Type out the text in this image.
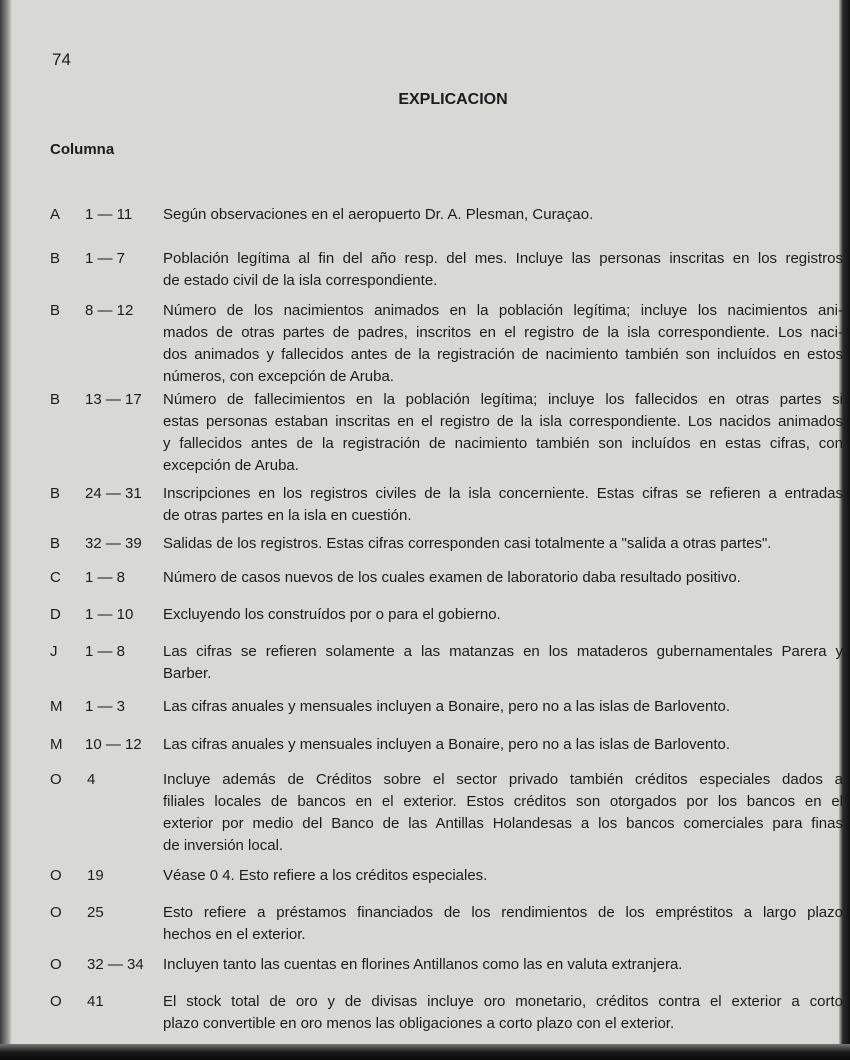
74
EXPLICACION
Columna
A 1 — 11 Según observaciones en el aeropuerto Dr. A. Plesman, Curaçao.
B 1 — 7	Población legítima al fin del año resp. del mes. Incluye las personas inscritas en los registros
de estado civil de la isla correspondiente.
B 8 — 12 Número de los nacimientos animados en la población legítima; incluye los nacimientos ani-
mados de otras partes de padres, inscritos en el registro de la isla correspondiente. Los naci-
dos animados y fallecidos antes de la registración de nacimiento también son incluídos en estos
números, con excepción de Aruba.
B 13 — 17 Número de fallecimientos en la población legítima; incluye los fallecidos en otras partes si
estas personas estaban inscritas en el registro de la isla correspondiente. Los nacidos animados
y fallecidos antes de la registración de nacimiento también son incluídos en estas cifras, con
excepción de Aruba.
B 24 — 31 Inscripciones en los registros civiles de la isla concerniente. Estas cifras se refieren a entradas
de otras partes en la isla en cuestión.
B 32 — 39 Salidas de los registros. Estas cifras corresponden casi totalmente a "salida a otras partes".
C 1 — 8	Número de casos nuevos de los cuales examen de laboratorio daba resultado positivo.
D 1 — 10 Excluyendo los construídos por o para el gobierno.
J 1 — 8	Las cifras se refieren solamente a las matanzas en los mataderos gubernamentales Parera y
Barber.
M 1 — 3	Las cifras anuales y mensuales incluyen a Bonaire, pero no a las islas de Barlovento.
M 10 — 12 Las cifras anuales y mensuales incluyen a Bonaire, pero no a las islas de Barlovento.
O 4	Incluye además de Créditos sobre el sector privado también créditos especiales dados a
filiales locales de bancos en el exterior. Estos créditos son otorgados por los bancos en el
exterior por medio del Banco de las Antillas Holandesas a los bancos comerciales para finas
de inversión local.
O 19	Véase 0 4. Esto refiere a los créditos especiales.
O 25	Esto refiere a préstamos financiados de los rendimientos de los empréstitos a largo plazo
hechos en el exterior.
O 32 — 34 Incluyen tanto las cuentas en florines Antillanos como las en valuta extranjera.
O 41	El stock total de oro y de divisas incluye oro monetario, créditos contra el exterior a corto
plazo convertible en oro menos las obligaciones a corto plazo con el exterior.
